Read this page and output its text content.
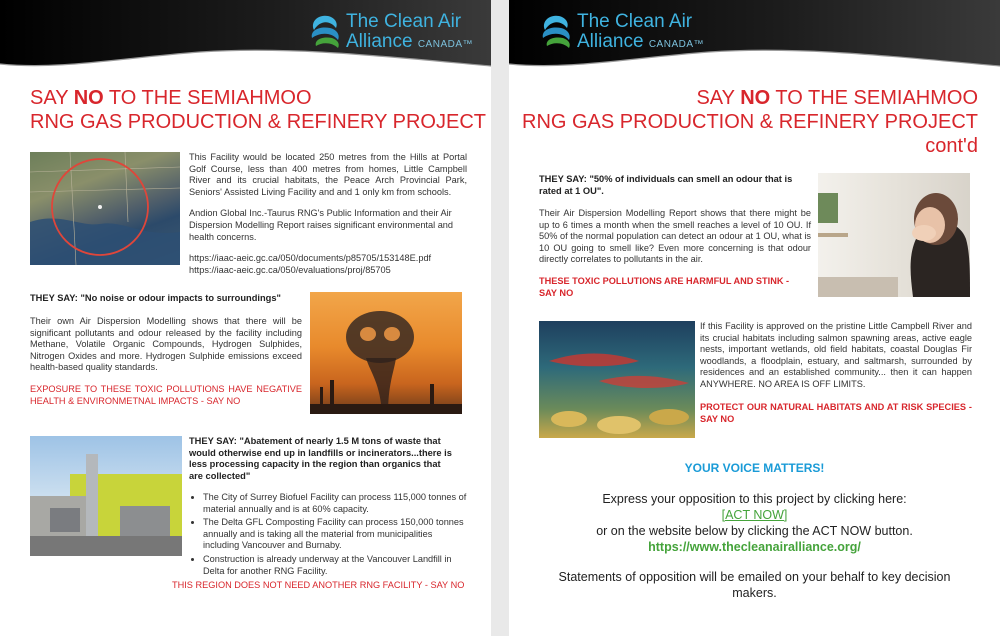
The Clean Air
Alliance CANADA™
SAY NO TO THE SEMIAHMOO
RNG GAS PRODUCTION & REFINERY PROJECT

This Facility would be located 250 metres from the Hills at Portal Golf Course, less than 400 metres from homes, Little Campbell River and its crucial habitats, the Peace Arch Provincial Park, Seniors' Assisted Living Facility and and 1 only km from schools.

Andion Global Inc.-Taurus RNG's Public Information and their Air Dispersion Modelling Report raises significant environmental and health concerns.

https://iaac-aeic.gc.ca/050/documents/p85705/153148E.pdf
https://iaac-aeic.gc.ca/050/evaluations/proj/85705
THEY SAY: "No noise or odour impacts to surroundings"
Their own Air Dispersion Modelling shows that there will be significant pollutants and odour released by the facility including Methane, Volatile Organic Compounds, Hydrogen Sulphides, Nitrogen Oxides and more. Hydrogen Sulphide emissions exceed health-based quality standards.
EXPOSURE TO THESE TOXIC POLLUTIONS HAVE NEGATIVE HEALTH & ENVIRONMETNAL IMPACTS - SAY NO
THEY SAY: "Abatement of nearly 1.5 M tons of waste that would otherwise end up in landfills or incinerators...there is less processing capacity in the region than organics that are collected"
• The City of Surrey Biofuel Facility can process 115,000 tonnes of material annually and is at 60% capacity.
• The Delta GFL Composting Facility can process 150,000 tonnes annually and is taking all the material from municipalities including Vancouver and Burnaby.
• Construction is already underway at the Vancouver Landfill in Delta for another RNG Facility.
THIS REGION DOES NOT NEED ANOTHER RNG FACILITY - SAY NO
The Clean Air
Alliance CANADA™
SAY NO TO THE SEMIAHMOO
RNG GAS PRODUCTION & REFINERY PROJECT
cont'd
THEY SAY: "50% of individuals can smell an odour that is rated at 1 OU".
Their Air Dispersion Modelling Report shows that there might be up to 6 times a month when the smell reaches a level of 10 OU. If 50% of the normal population can detect an odour at 1 OU, what is 10 OU going to smell like? Even more concerning is that odour directly correlates to pollutants in the air.
THESE TOXIC POLLUTIONS ARE HARMFUL AND STINK - SAY NO
If this Facility is approved on the pristine Little Campbell River and its crucial habitats including salmon spawning areas, active eagle nests, important wetlands, old field habitats, coastal Douglas Fir woodlands, a floodplain, estuary, and saltmarsh, surrounded by residences and an established community... then it can happen ANYWHERE. NO AREA IS OFF LIMITS.
PROTECT OUR NATURAL HABITATS AND AT RISK SPECIES - SAY NO
YOUR VOICE MATTERS!
Express your opposition to this project by clicking here:
[ACT NOW]
or on the website below by clicking the ACT NOW button.
https://www.thecleanairalliance.org/
Statements of opposition will be emailed on your behalf to key decision makers.
